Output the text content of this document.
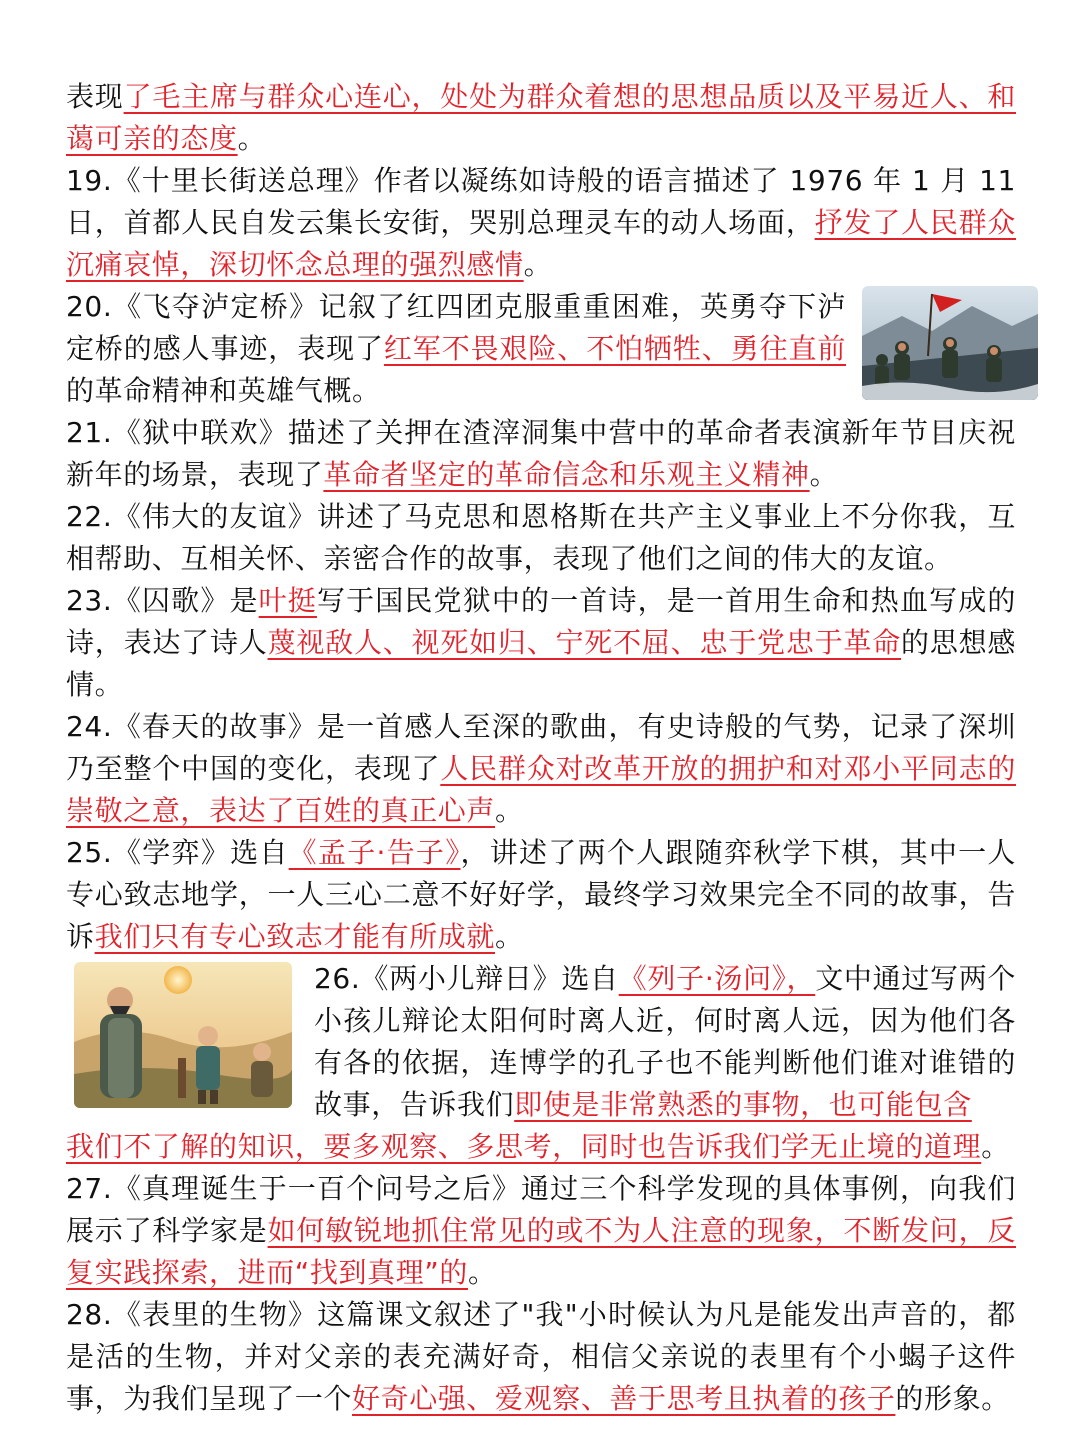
表现了毛主席与群众心连心，处处为群众着想的思想品质以及平易近人、和蔼可亲的态度。
19.《十里长街送总理》作者以凝练如诗般的语言描述了 1976 年 1 月 11 日，首都人民自发云集长安街，哭别总理灵车的动人场面，抒发了人民群众沉痛哀悼，深切怀念总理的强烈感情。
20.《飞夺泸定桥》记叙了红四团克服重重困难，英勇夺下泸定桥的感人事迹，表现了红军不畏艰险、不怕牺牲、勇往直前的革命精神和英雄气概。
21.《狱中联欢》描述了关押在渣滓洞集中营中的革命者表演新年节目庆祝新年的场景，表现了革命者坚定的革命信念和乐观主义精神。
22.《伟大的友谊》讲述了马克思和恩格斯在共产主义事业上不分你我，互相帮助、互相关怀、亲密合作的故事，表现了他们之间的伟大的友谊。
23.《囚歌》是叶挺写于国民党狱中的一首诗，是一首用生命和热血写成的诗，表达了诗人蔑视敌人、视死如归、宁死不屈、忠于党忠于革命的思想感情。
24.《春天的故事》是一首感人至深的歌曲，有史诗般的气势，记录了深圳乃至整个中国的变化，表现了人民群众对改革开放的拥护和对邓小平同志的崇敬之意，表达了百姓的真正心声。
25.《学弈》选自《孟子·告子》，讲述了两个人跟随弈秋学下棋，其中一人专心致志地学，一人三心二意不好好学，最终学习效果完全不同的故事，告诉我们只有专心致志才能有所成就。
26.《两小儿辩日》选自《列子·汤问》，文中通过写两个小孩儿辩论太阳何时离人近，何时离人远，因为他们各有各的依据，连博学的孔子也不能判断他们谁对谁错的故事，告诉我们即使是非常熟悉的事物，也可能包含
我们不了解的知识，要多观察、多思考，同时也告诉我们学无止境的道理。
27.《真理诞生于一百个问号之后》通过三个科学发现的具体事例，向我们展示了科学家是如何敏锐地抓住常见的或不为人注意的现象，不断发问，反复实践探索，进而“找到真理”的。
28.《表里的生物》这篇课文叙述了"我"小时候认为凡是能发出声音的，都是活的生物，并对父亲的表充满好奇，相信父亲说的表里有个小蝎子这件事，为我们呈现了一个好奇心强、爱观察、善于思考且执着的孩子的形象。
